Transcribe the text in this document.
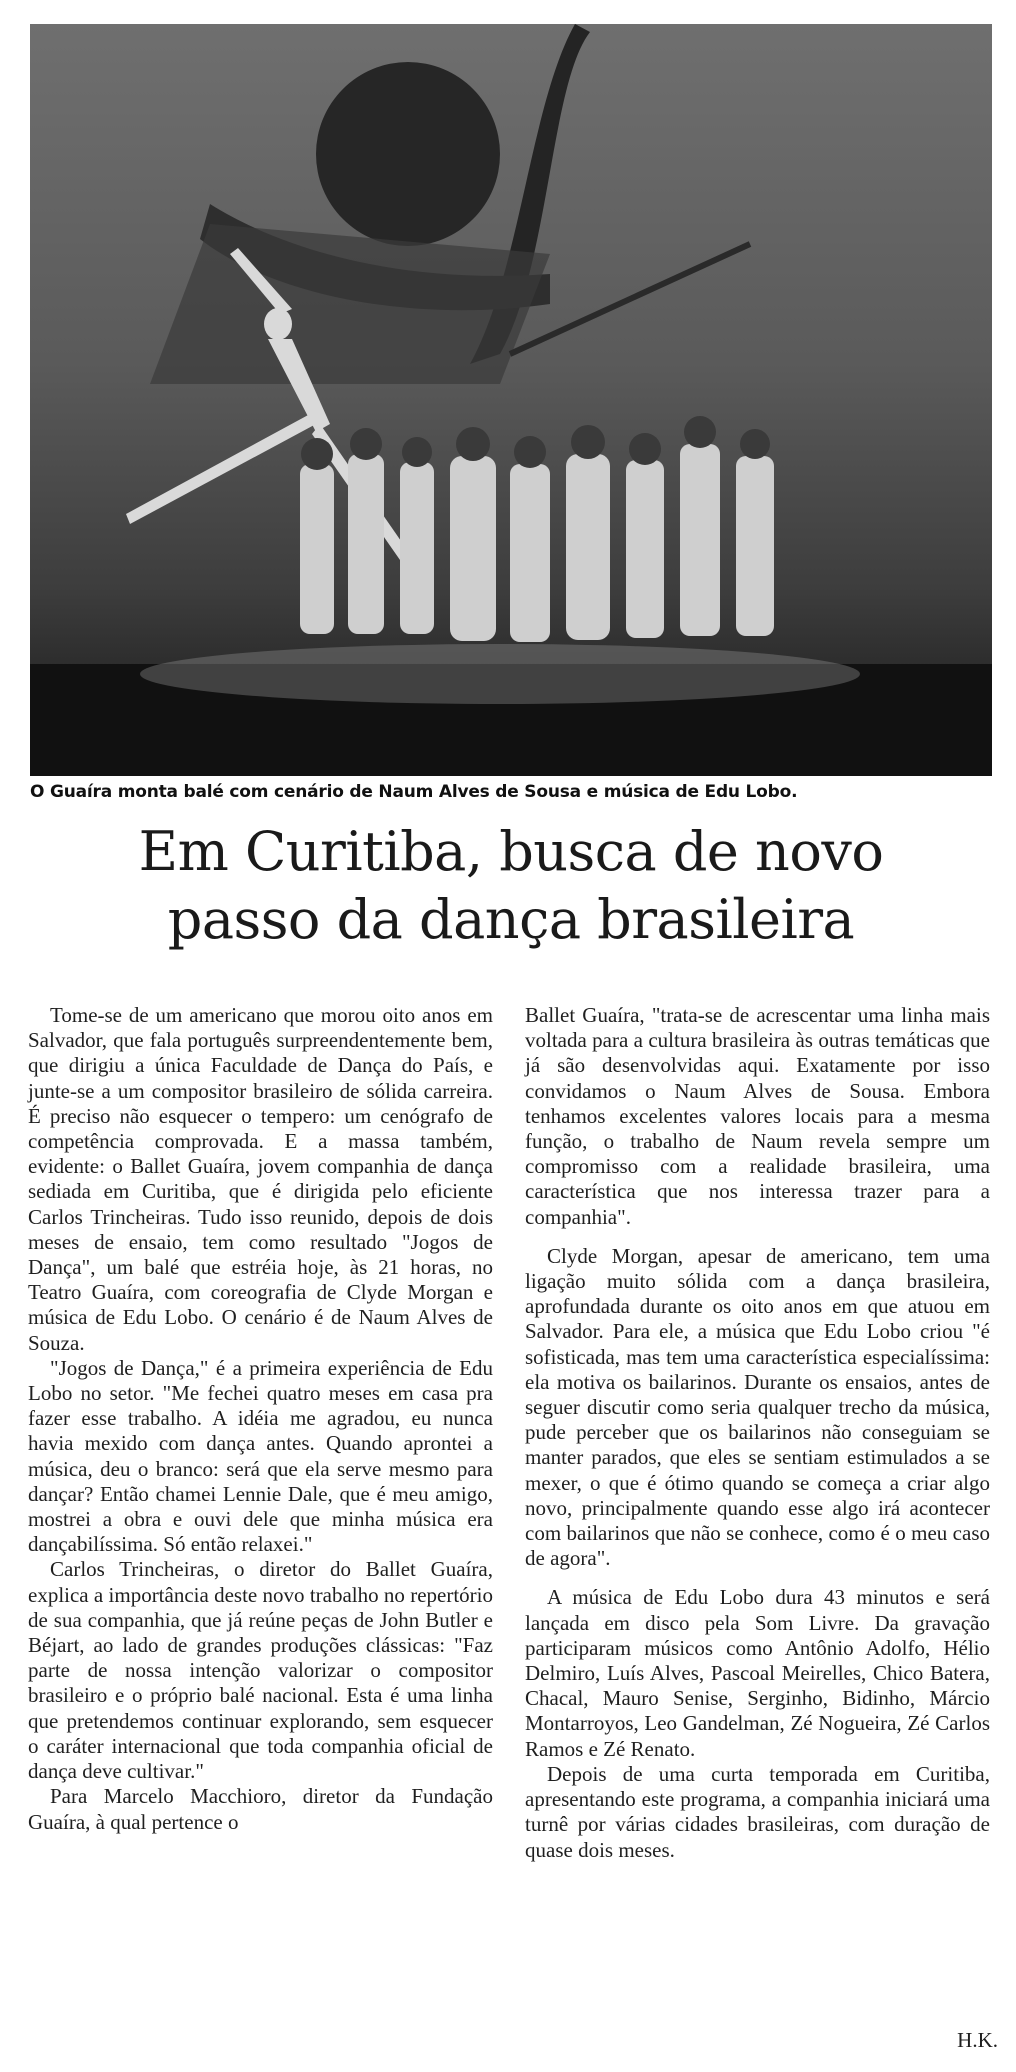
O Guaíra monta balé com cenário de Naum Alves de Sousa e música de Edu Lobo.
Em Curitiba, busca de novo
passo da dança brasileira

Tome-se de um americano que morou oito anos em Salvador, que fala português surpreendentemente bem, que dirigiu a única Faculdade de Dança do País, e junte-se a um compositor brasileiro de sólida carreira. É preciso não esquecer o tempero: um cenógrafo de competência comprovada. E a massa também, evidente: o Ballet Guaíra, jovem companhia de dança sediada em Curitiba, que é dirigida pelo eficiente Carlos Trincheiras. Tudo isso reunido, depois de dois meses de ensaio, tem como resultado "Jogos de Dança", um balé que estréia hoje, às 21 horas, no Teatro Guaíra, com coreografia de Clyde Morgan e música de Edu Lobo. O cenário é de Naum Alves de Souza.

"Jogos de Dança," é a primeira experiência de Edu Lobo no setor. "Me fechei quatro meses em casa pra fazer esse trabalho. A idéia me agradou, eu nunca havia mexido com dança antes. Quando aprontei a música, deu o branco: será que ela serve mesmo para dançar? Então chamei Lennie Dale, que é meu amigo, mostrei a obra e ouvi dele que minha música era dançabilíssima. Só então relaxei."

Carlos Trincheiras, o diretor do Ballet Guaíra, explica a importância deste novo trabalho no repertório de sua companhia, que já reúne peças de John Butler e Béjart, ao lado de grandes produções clássicas: "Faz parte de nossa intenção valorizar o compositor brasileiro e o próprio balé nacional. Esta é uma linha que pretendemos continuar explorando, sem esquecer o caráter internacional que toda companhia oficial de dança deve cultivar."

Para Marcelo Macchioro, diretor da Fundação Guaíra, à qual pertence o

Ballet Guaíra, "trata-se de acrescentar uma linha mais voltada para a cultura brasileira às outras temáticas que já são desenvolvidas aqui. Exatamente por isso convidamos o Naum Alves de Sousa. Embora tenhamos excelentes valores locais para a mesma função, o trabalho de Naum revela sempre um compromisso com a realidade brasileira, uma característica que nos interessa trazer para a companhia".

Clyde Morgan, apesar de americano, tem uma ligação muito sólida com a dança brasileira, aprofundada durante os oito anos em que atuou em Salvador. Para ele, a música que Edu Lobo criou "é sofisticada, mas tem uma característica especialíssima: ela motiva os bailarinos. Durante os ensaios, antes de seguer discutir como seria qualquer trecho da música, pude perceber que os bailarinos não conseguiam se manter parados, que eles se sentiam estimulados a se mexer, o que é ótimo quando se começa a criar algo novo, principalmente quando esse algo irá acontecer com bailarinos que não se conhece, como é o meu caso de agora".

A música de Edu Lobo dura 43 minutos e será lançada em disco pela Som Livre. Da gravação participaram músicos como Antônio Adolfo, Hélio Delmiro, Luís Alves, Pascoal Meirelles, Chico Batera, Chacal, Mauro Senise, Serginho, Bidinho, Márcio Montarroyos, Leo Gandelman, Zé Nogueira, Zé Carlos Ramos e Zé Renato.

Depois de uma curta temporada em Curitiba, apresentando este programa, a companhia iniciará uma turnê por várias cidades brasileiras, com duração de quase dois meses.

H.K.
